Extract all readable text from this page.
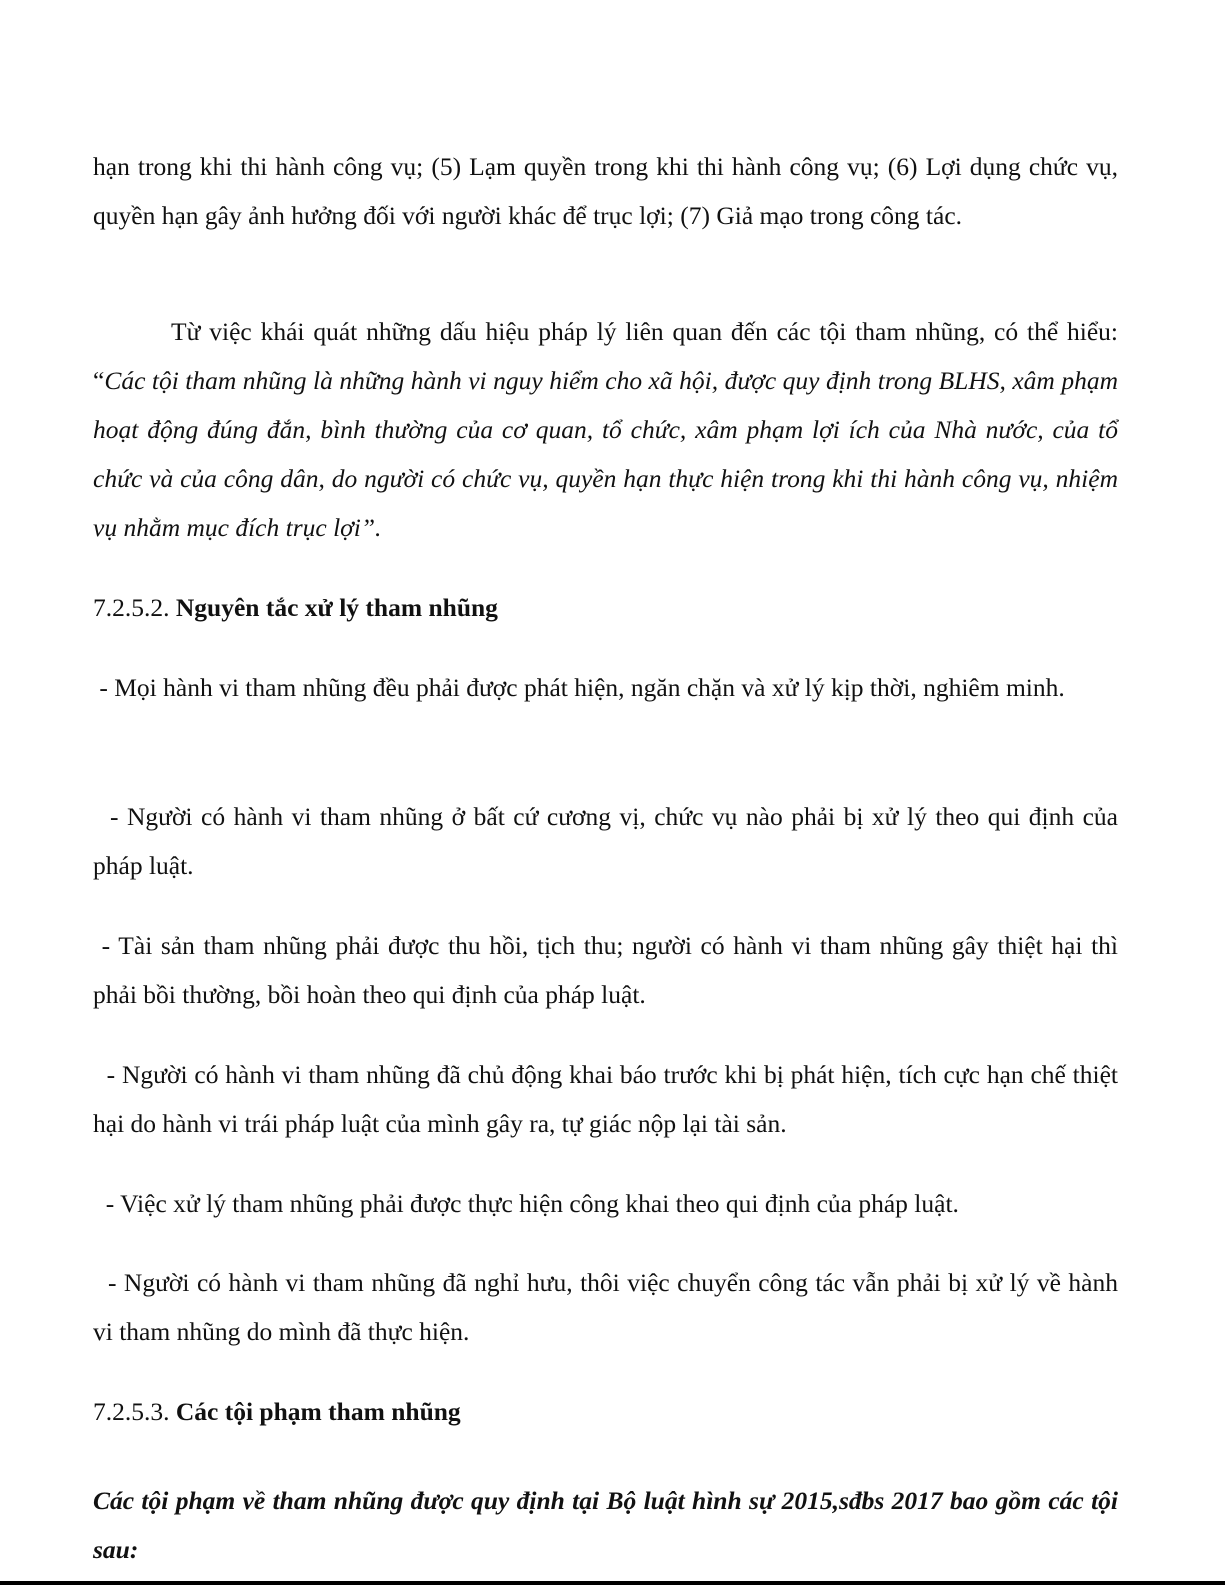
hạn trong khi thi hành công vụ; (5) Lạm quyền trong khi thi hành công vụ; (6) Lợi dụng chức vụ, quyền hạn gây ảnh hưởng đối với người khác để trục lợi; (7) Giả mạo trong công tác.

Từ việc khái quát những dấu hiệu pháp lý liên quan đến các tội tham nhũng, có thể hiểu: “Các tội tham nhũng là những hành vi nguy hiểm cho xã hội, được quy định trong BLHS, xâm phạm hoạt động đúng đắn, bình thường của cơ quan, tổ chức, xâm phạm lợi ích của Nhà nước, của tổ chức và của công dân, do người có chức vụ, quyền hạn thực hiện trong khi thi hành công vụ, nhiệm vụ nhằm mục đích trục lợi”.

7.2.5.2. Nguyên tắc xử lý tham nhũng

- Mọi hành vi tham nhũng đều phải được phát hiện, ngăn chặn và xử lý kịp thời, nghiêm minh.

- Người có hành vi tham nhũng ở bất cứ cương vị, chức vụ nào phải bị xử lý theo qui định của pháp luật.

- Tài sản tham nhũng phải được thu hồi, tịch thu; người có hành vi tham nhũng gây thiệt hại thì phải bồi thường, bồi hoàn theo qui định của pháp luật.

- Người có hành vi tham nhũng đã chủ động khai báo trước khi bị phát hiện, tích cực hạn chế thiệt hại do hành vi trái pháp luật của mình gây ra, tự giác nộp lại tài sản.

- Việc xử lý tham nhũng phải được thực hiện công khai theo qui định của pháp luật.

- Người có hành vi tham nhũng đã nghỉ hưu, thôi việc chuyển công tác vẫn phải bị xử lý về hành vi tham nhũng do mình đã thực hiện.

7.2.5.3. Các tội phạm tham nhũng

Các tội phạm về tham nhũng được quy định tại Bộ luật hình sự 2015,sđbs 2017 bao gồm các tội sau:
